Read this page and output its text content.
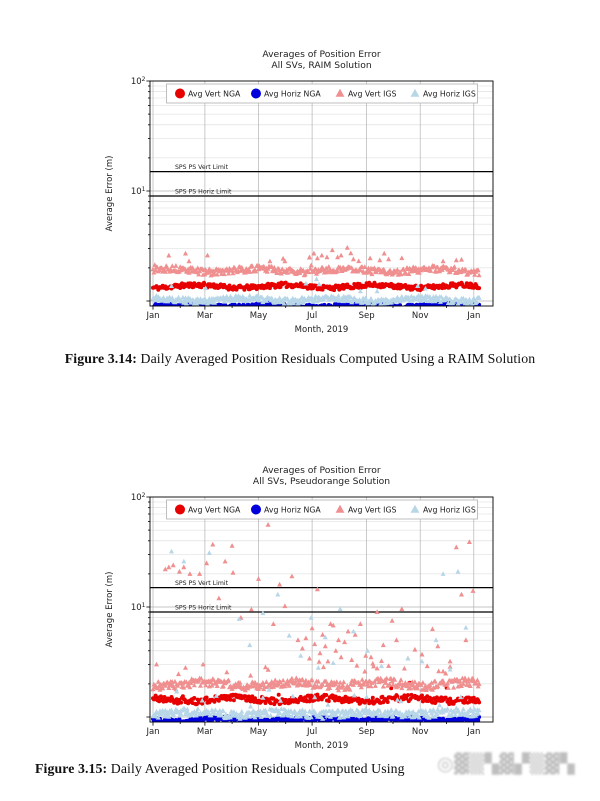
Averages of Position Error
All SVs, RAIM Solution
SPS PS Vert Limit
SPS PS Horiz Limit
Jan	Mar	May	Jul	Sep	Nov	Jan
$10^1$
$10^2$
Month, 2019
Average Error (m)
Avg Vert NGA	Avg Horiz NGA	Avg Vert IGS	Avg Horiz IGS
Figure 3.14: Daily Averaged Position Residuals Computed Using a RAIM Solution
Averages of Position Error
All SVs, Pseudorange Solution
SPS PS Vert Limit
SPS PS Horiz Limit
Jan	Mar	May	Jul	Sep	Nov	Jan
$10^1$
$10^2$
Month, 2019
Average Error (m)
Avg Vert NGA	Avg Horiz NGA	Avg Vert IGS	Avg Horiz IGS
Figure 3.15: Daily Averaged Position Residuals Computed Using	◎▓▒▚▓▞▒▓▚
